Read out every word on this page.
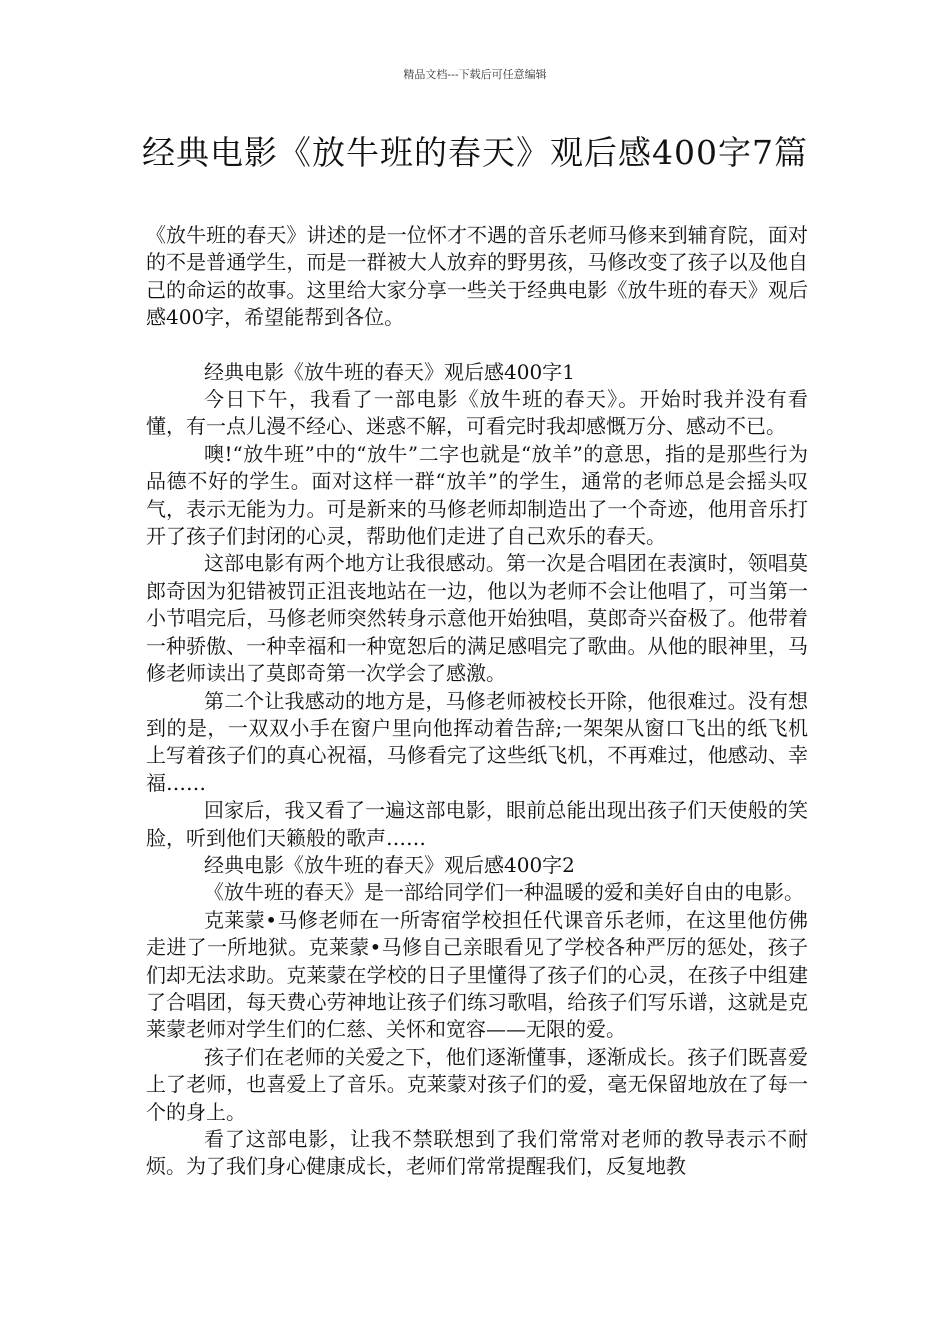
精品文档---下载后可任意编辑
经典电影《放牛班的春天》观后感400字7篇

《放牛班的春天》讲述的是一位怀才不遇的音乐老师马修来到辅育院，面对的不是普通学生，而是一群被大人放弃的野男孩，马修改变了孩子以及他自己的命运的故事。这里给大家分享一些关于经典电影《放牛班的春天》观后感400字，希望能帮到各位。

经典电影《放牛班的春天》观后感400字1

今日下午，我看了一部电影《放牛班的春天》。开始时我并没有看懂，有一点儿漫不经心、迷惑不解，可看完时我却感慨万分、感动不已。

噢!“放牛班”中的“放牛”二字也就是“放羊”的意思，指的是那些行为品德不好的学生。面对这样一群“放羊”的学生，通常的老师总是会摇头叹气，表示无能为力。可是新来的马修老师却制造出了一个奇迹，他用音乐打开了孩子们封闭的心灵，帮助他们走进了自己欢乐的春天。

这部电影有两个地方让我很感动。第一次是合唱团在表演时，领唱莫郎奇因为犯错被罚正沮丧地站在一边，他以为老师不会让他唱了，可当第一小节唱完后，马修老师突然转身示意他开始独唱，莫郎奇兴奋极了。他带着一种骄傲、一种幸福和一种宽恕后的满足感唱完了歌曲。从他的眼神里，马修老师读出了莫郎奇第一次学会了感激。

第二个让我感动的地方是，马修老师被校长开除，他很难过。没有想到的是，一双双小手在窗户里向他挥动着告辞;一架架从窗口飞出的纸飞机上写着孩子们的真心祝福，马修看完了这些纸飞机，不再难过，他感动、幸福……

回家后，我又看了一遍这部电影，眼前总能出现出孩子们天使般的笑脸，听到他们天籁般的歌声……

经典电影《放牛班的春天》观后感400字2

《放牛班的春天》是一部给同学们一种温暖的爱和美好自由的电影。

克莱蒙•马修老师在一所寄宿学校担任代课音乐老师，在这里他仿佛走进了一所地狱。克莱蒙•马修自己亲眼看见了学校各种严厉的惩处，孩子们却无法求助。克莱蒙在学校的日子里懂得了孩子们的心灵，在孩子中组建了合唱团，每天费心劳神地让孩子们练习歌唱，给孩子们写乐谱，这就是克莱蒙老师对学生们的仁慈、关怀和宽容——无限的爱。

孩子们在老师的关爱之下，他们逐渐懂事，逐渐成长。孩子们既喜爱上了老师，也喜爱上了音乐。克莱蒙对孩子们的爱，毫无保留地放在了每一个的身上。

看了这部电影，让我不禁联想到了我们常常对老师的教导表示不耐烦。为了我们身心健康成长，老师们常常提醒我们，反复地教
